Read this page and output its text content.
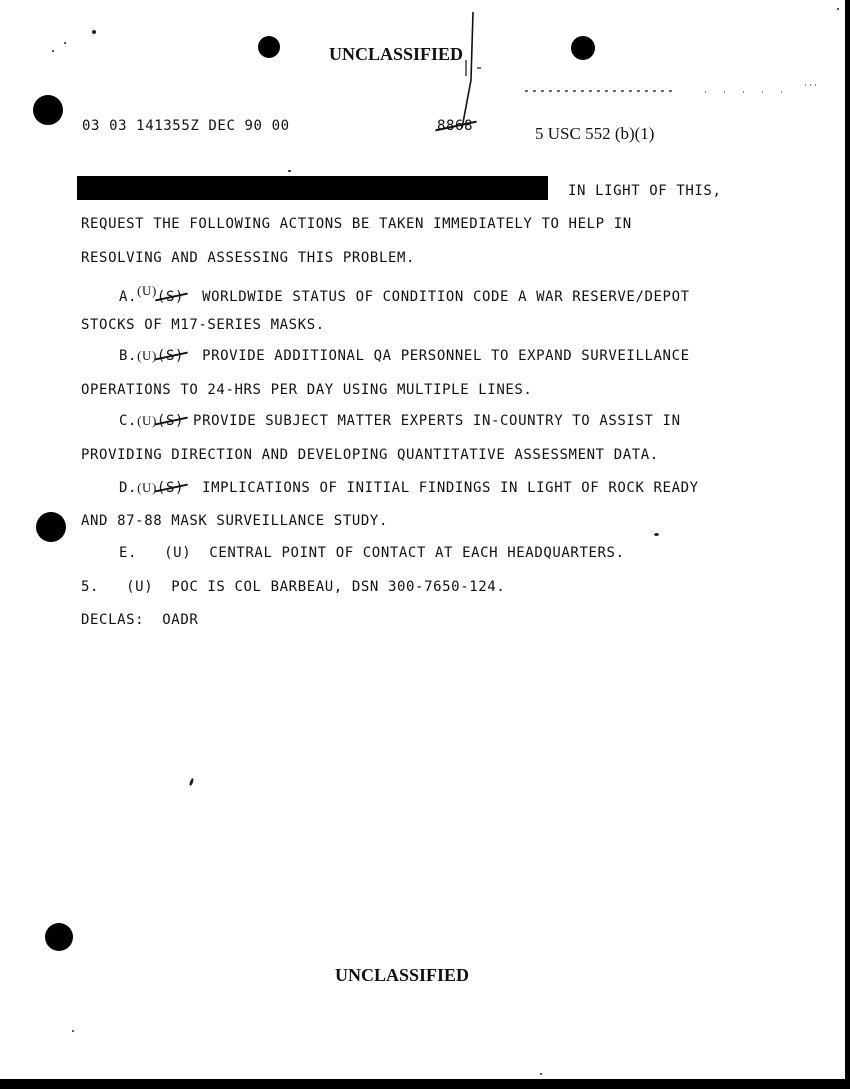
UNCLASSIFIED
03 03 141355Z DEC 90 00	8868	5 USC 552 (b)(1)
IN LIGHT OF THIS,
REQUEST THE FOLLOWING ACTIONS BE TAKEN IMMEDIATELY TO HELP IN
RESOLVING AND ASSESSING THIS PROBLEM.
A.(U)(S) WORLDWIDE STATUS OF CONDITION CODE A WAR RESERVE/DEPOT
STOCKS OF M17-SERIES MASKS.
B.(U)(S) PROVIDE ADDITIONAL QA PERSONNEL TO EXPAND SURVEILLANCE
OPERATIONS TO 24-HRS PER DAY USING MULTIPLE LINES.
C.(U)(S) PROVIDE SUBJECT MATTER EXPERTS IN-COUNTRY TO ASSIST IN
PROVIDING DIRECTION AND DEVELOPING QUANTITATIVE ASSESSMENT DATA.
D.(U)(S) IMPLICATIONS OF INITIAL FINDINGS IN LIGHT OF ROCK READY
AND 87-88 MASK SURVEILLANCE STUDY.
E.   (U)  CENTRAL POINT OF CONTACT AT EACH HEADQUARTERS.
5.   (U)  POC IS COL BARBEAU, DSN 300-7650-124.
DECLAS:  OADR
UNCLASSIFIED
